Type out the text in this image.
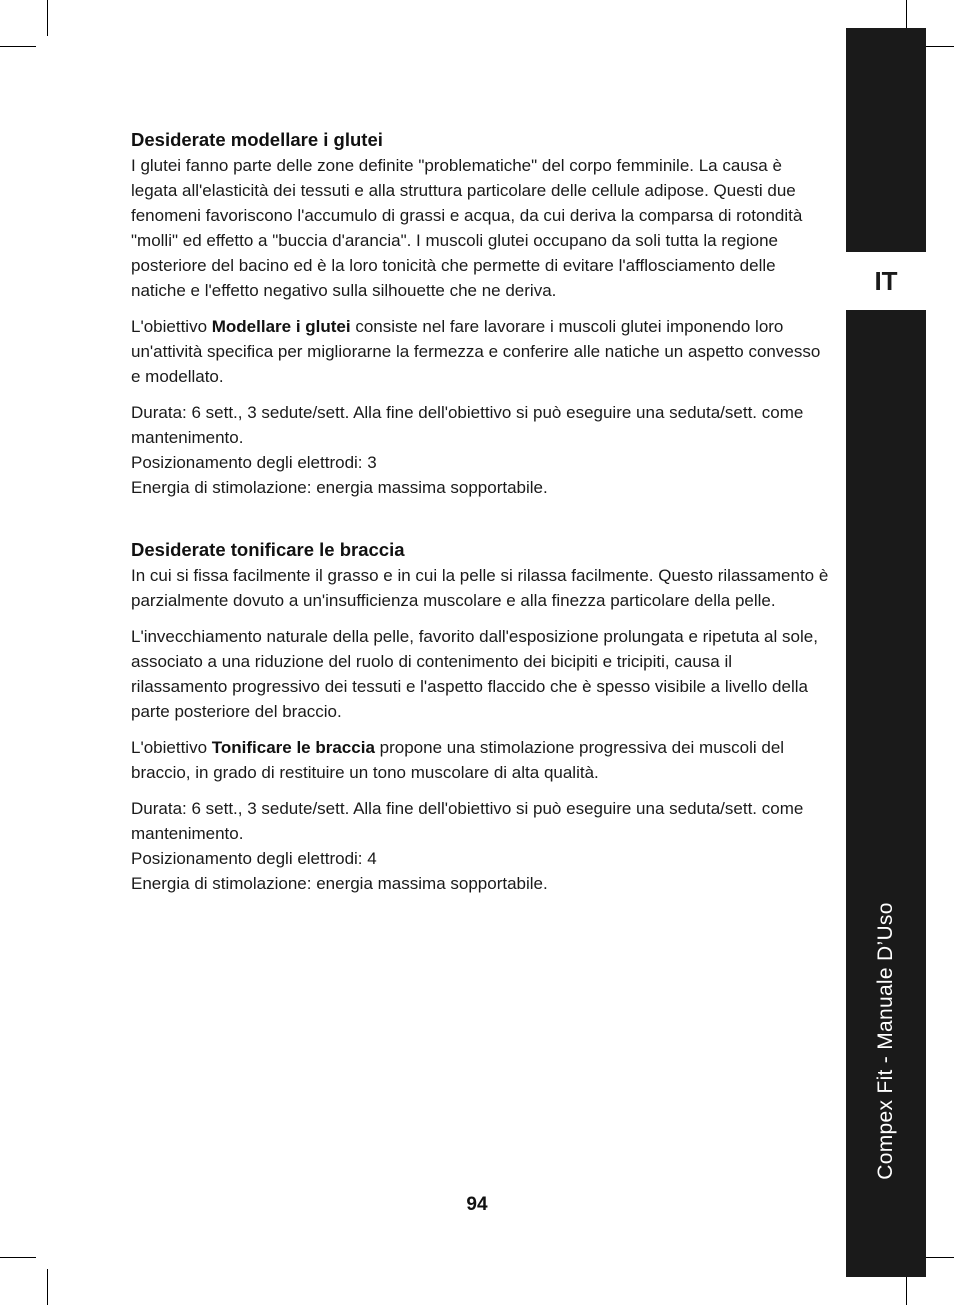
IT
Compex Fit - Manuale D’Uso
Desiderate modellare i glutei

I glutei fanno parte delle zone definite "problematiche" del corpo femminile. La causa è legata all'elasticità dei tessuti e alla struttura particolare delle cellule adipose. Questi due fenomeni favoriscono l'accumulo di grassi e acqua, da cui deriva la comparsa di rotondità "molli" ed effetto a "buccia d'arancia". I muscoli glutei occupano da soli tutta la regione posteriore del bacino ed è la loro tonicità che permette di evitare l'afflosciamento delle natiche e l'effetto negativo sulla silhouette che ne deriva.

L'obiettivo Modellare i glutei consiste nel fare lavorare i muscoli glutei imponendo loro un'attività specifica per migliorarne la fermezza e conferire alle natiche un aspetto convesso e modellato.

Durata: 6 sett., 3 sedute/sett. Alla fine dell'obiettivo si può eseguire una seduta/sett. come mantenimento.

Posizionamento degli elettrodi: 3

Energia di stimolazione: energia massima sopportabile.

Desiderate tonificare le braccia

In cui si fissa facilmente il grasso e in cui la pelle si rilassa facilmente. Questo rilassamento è parzialmente dovuto a un'insufficienza muscolare e alla finezza particolare della pelle.

L'invecchiamento naturale della pelle, favorito dall'esposizione prolungata e ripetuta al sole, associato a una riduzione del ruolo di contenimento dei bicipiti e tricipiti, causa il rilassamento progressivo dei tessuti e l'aspetto flaccido che è spesso visibile a livello della parte posteriore del braccio.

L'obiettivo Tonificare le braccia propone una stimolazione progressiva dei muscoli del braccio, in grado di restituire un tono muscolare di alta qualità.

Durata: 6 sett., 3 sedute/sett. Alla fine dell'obiettivo si può eseguire una seduta/sett. come mantenimento.

Posizionamento degli elettrodi: 4

Energia di stimolazione: energia massima sopportabile.

94
